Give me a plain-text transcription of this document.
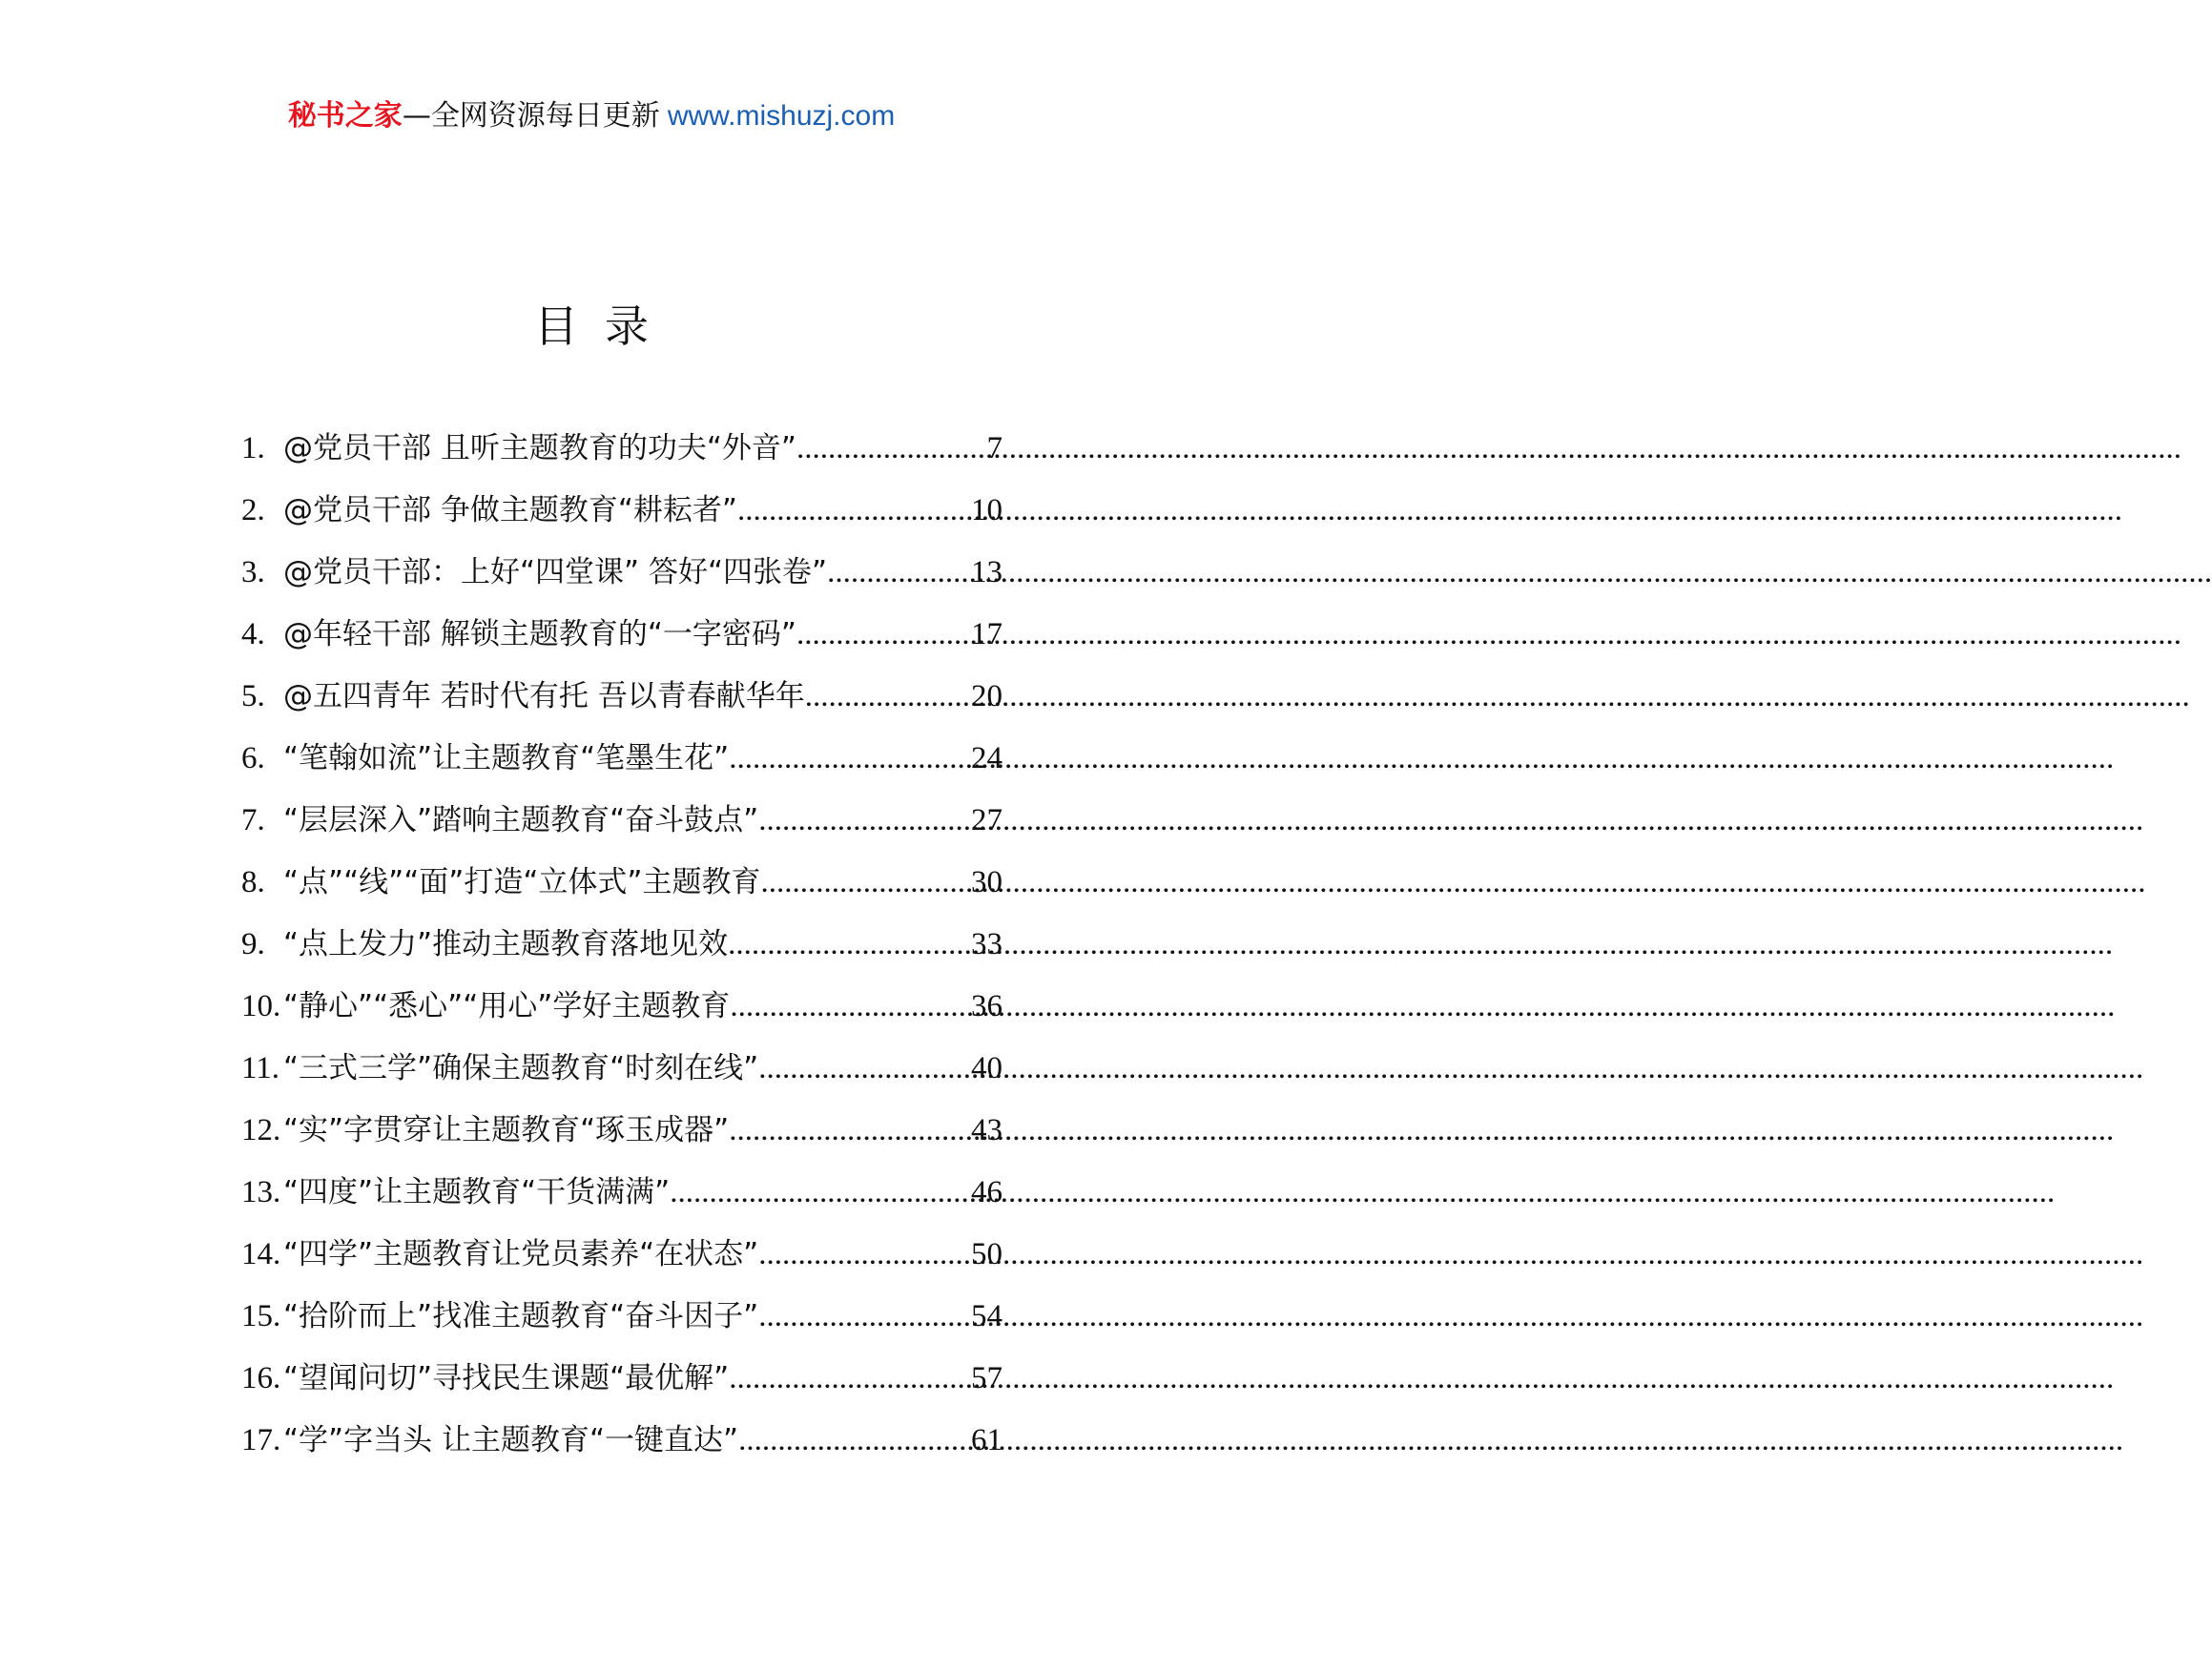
秘书之家—全网资源每日更新 www.mishuzj.com
目录
1. @党员干部 且听主题教育的功夫“外音” .....	7
2. @党员干部 争做主题教育“耕耘者” .....	10
3. @党员干部：上好“四堂课” 答好“四张卷” .....	13
4. @年轻干部 解锁主题教育的“一字密码” .....	17
5. @五四青年 若时代有托 吾以青春献华年 .....	20
6. “笔翰如流”让主题教育“笔墨生花” .....	24
7. “层层深入”踏响主题教育“奋斗鼓点” .....	27
8. “点”“线”“面”打造“立体式”主题教育 .....	30
9. “点上发力”推动主题教育落地见效 .....	33
10. “静心”“悉心”“用心”学好主题教育 .....	36
11. “三式三学”确保主题教育“时刻在线” .....	40
12. “实”字贯穿让主题教育“琢玉成器” .....	43
13. “四度”让主题教育“干货满满” .....	46
14. “四学”主题教育让党员素养“在状态” .....	50
15. “拾阶而上”找准主题教育“奋斗因子” .....	54
16. “望闻问切”寻找民生课题“最优解” .....	57
17. “学”字当头 让主题教育“一键直达” .....	61
